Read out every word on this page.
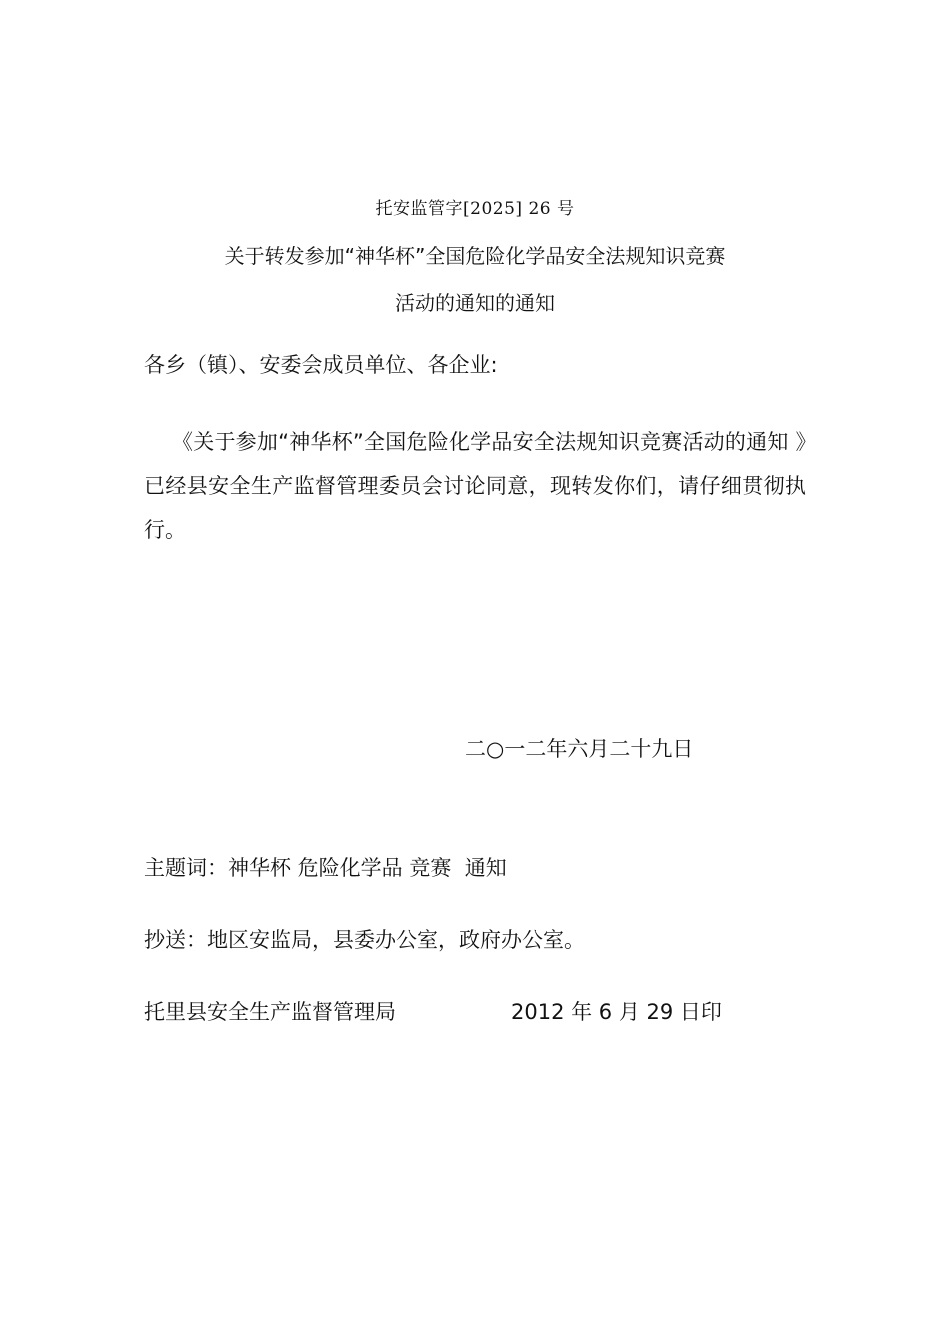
托安监管字[2025] 26 号
关于转发参加“神华杯”全国危险化学品安全法规知识竞赛
活动的通知的通知
各乡（镇）、安委会成员单位、各企业:
《关于参加“神华杯”全国危险化学品安全法规知识竞赛活动的通知 》已经县安全生产监督管理委员会讨论同意，现转发你们，请仔细贯彻执行。
二○一二年六月二十九日
主题词：神华杯 危险化学品 竞赛  通知
抄送：地区安监局，县委办公室，政府办公室。
托里县安全生产监督管理局	2012 年 6 月 29 日印
